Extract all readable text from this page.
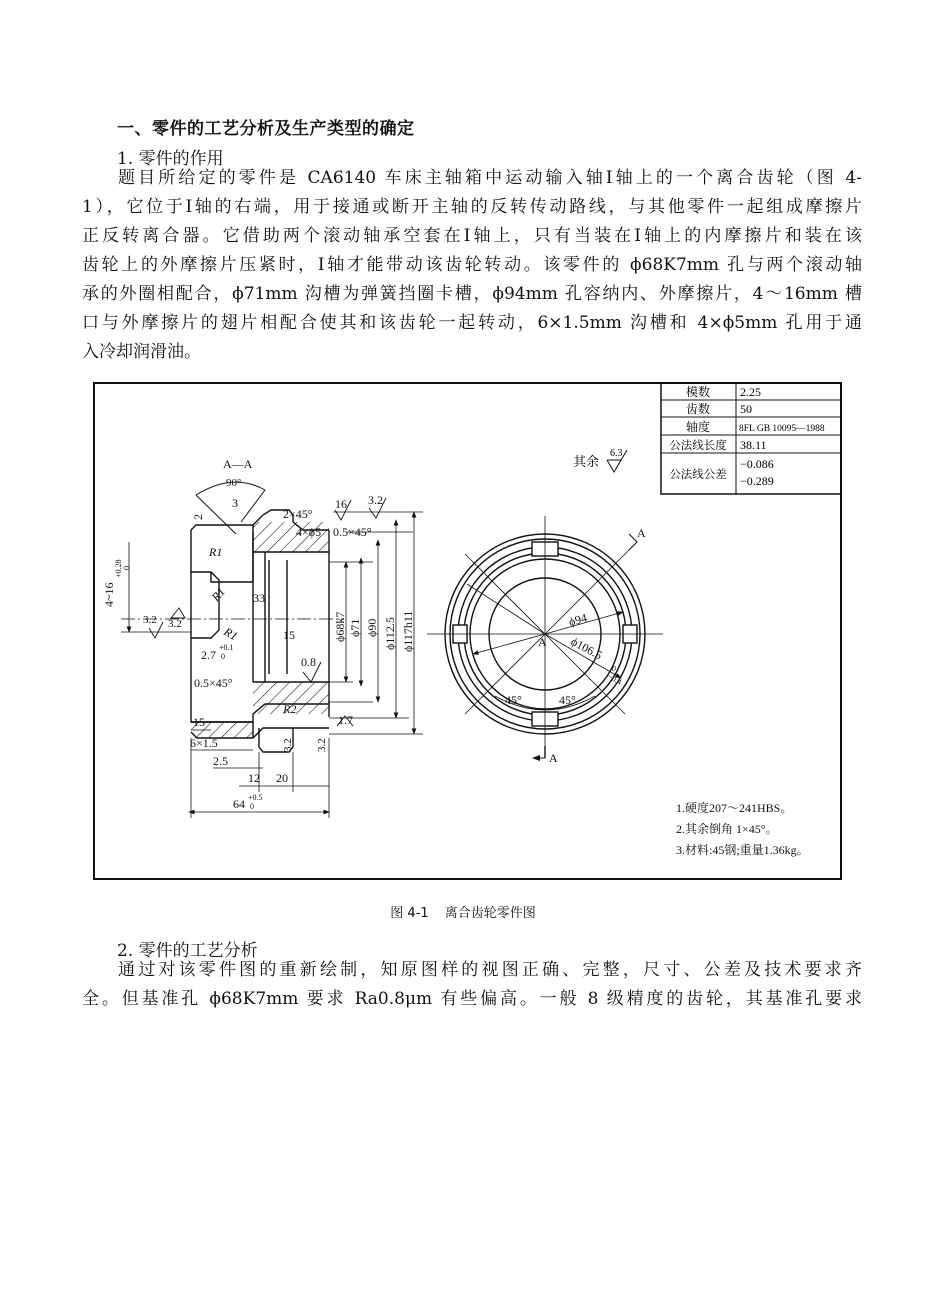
一、零件的工艺分析及生产类型的确定
1. 零件的作用
题目所给定的零件是 CA6140 车床主轴箱中运动输入轴Ⅰ轴上的一个离合齿轮（图 4-
1），它位于Ⅰ轴的右端，用于接通或断开主轴的反转传动路线，与其他零件一起组成摩擦片
正反转离合器。它借助两个滚动轴承空套在Ⅰ轴上，只有当装在Ⅰ轴上的内摩擦片和装在该
齿轮上的外摩擦片压紧时，Ⅰ轴才能带动该齿轮转动。该零件的 ϕ68K7mm 孔与两个滚动轴
承的外圈相配合，ϕ71mm 沟槽为弹簧挡圈卡槽，ϕ94mm 孔容纳内、外摩擦片，4～16mm 槽
口与外摩擦片的翅片相配合使其和该齿轮一起转动，6×1.5mm 沟槽和 4×ϕ5mm 孔用于通
入冷却润滑油。
模数 2.25
齿数 50
轴度	8FL GB 10095—1988
公法线长度 38.11
公法线公差
−0.086
−0.289
其余
6.3
A—A
90°
ϕ68k7 ϕ71 ϕ90 ϕ112.5 ϕ117h11
2×45°
4×ϕ5 0.5×45°
3
2
R1
R1
R1
16 3.2
33
15
2.7
+0.1
0	0.8
0.5×45°
R2
1.7
15
6×1.5
2.5
12 20
64 +0.5
0
4~16
+0.28 0
3.2 3.2
3.2 3.2
A
A
A
ϕ94
ϕ106.5
0
−0.4
45°	45°
1.硬度207～241HBS。
2.其余倒角 1×45°。
3.材料:45钢;重量1.36kg。
图 4-1 离合齿轮零件图
2. 零件的工艺分析
通过对该零件图的重新绘制，知原图样的视图正确、完整，尺寸、公差及技术要求齐
全。但基准孔 ϕ68K7mm 要求 Ra0.8μm 有些偏高。一般 8 级精度的齿轮，其基准孔要求
